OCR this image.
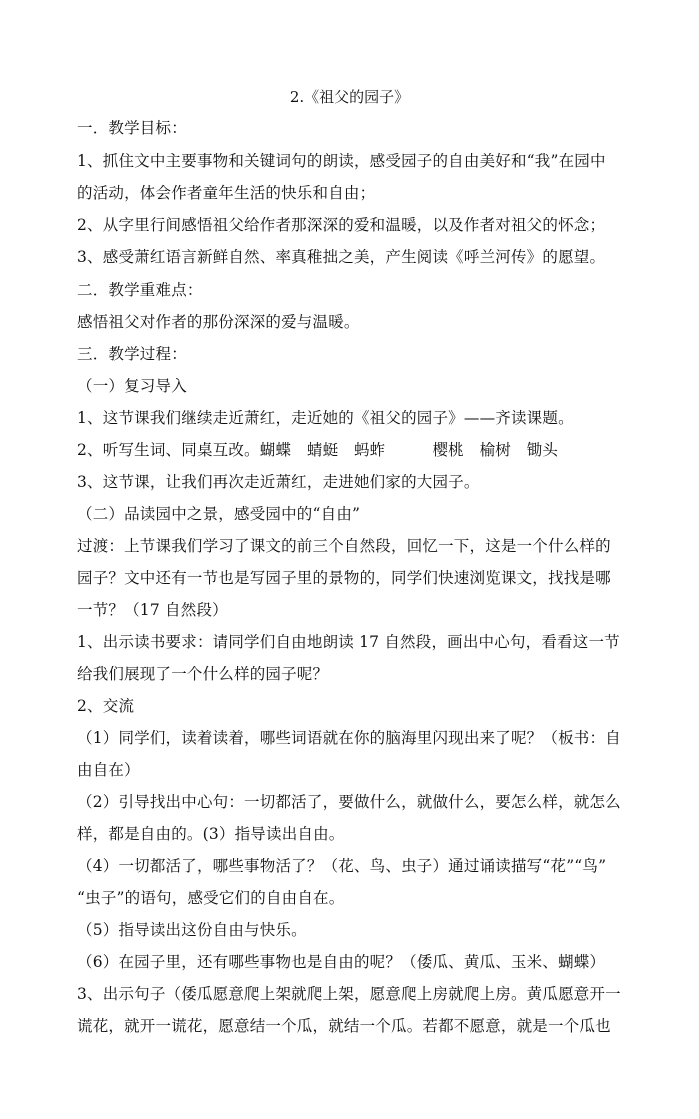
2.《祖父的园子》
一．教学目标：
1、抓住文中主要事物和关键词句的朗读，感受园子的自由美好和“我”在园中
的活动，体会作者童年生活的快乐和自由；
2、从字里行间感悟祖父给作者那深深的爱和温暖，以及作者对祖父的怀念；
3、感受萧红语言新鲜自然、率真稚拙之美，产生阅读《呼兰河传》的愿望。
二．教学重难点：
感悟祖父对作者的那份深深的爱与温暖。
三．教学过程：
（一）复习导入
1、这节课我们继续走近萧红，走近她的《祖父的园子》——齐读课题。
2、听写生词、同桌互改。蝴蝶　蜻蜓　蚂蚱　　　樱桃　榆树　锄头
3、这节课，让我们再次走近萧红，走进她们家的大园子。
（二）品读园中之景，感受园中的“自由”
过渡：上节课我们学习了课文的前三个自然段，回忆一下，这是一个什么样的
园子？文中还有一节也是写园子里的景物的，同学们快速浏览课文，找找是哪
一节？（17 自然段）
1、出示读书要求：请同学们自由地朗读 17 自然段，画出中心句，看看这一节
给我们展现了一个什么样的园子呢？
2、交流
（1）同学们，读着读着，哪些词语就在你的脑海里闪现出来了呢？（板书：自
由自在）
（2）引导找出中心句：一切都活了，要做什么，就做什么，要怎么样，就怎么
样，都是自由的。(3）指导读出自由。
（4）一切都活了，哪些事物活了？（花、鸟、虫子）通过诵读描写“花”“鸟”
“虫子”的语句，感受它们的自由自在。
（5）指导读出这份自由与快乐。
（6）在园子里，还有哪些事物也是自由的呢？（倭瓜、黄瓜、玉米、蝴蝶）
3、出示句子（倭瓜愿意爬上架就爬上架，愿意爬上房就爬上房。黄瓜愿意开一
谎花，就开一谎花，愿意结一个瓜，就结一个瓜。若都不愿意，就是一个瓜也
